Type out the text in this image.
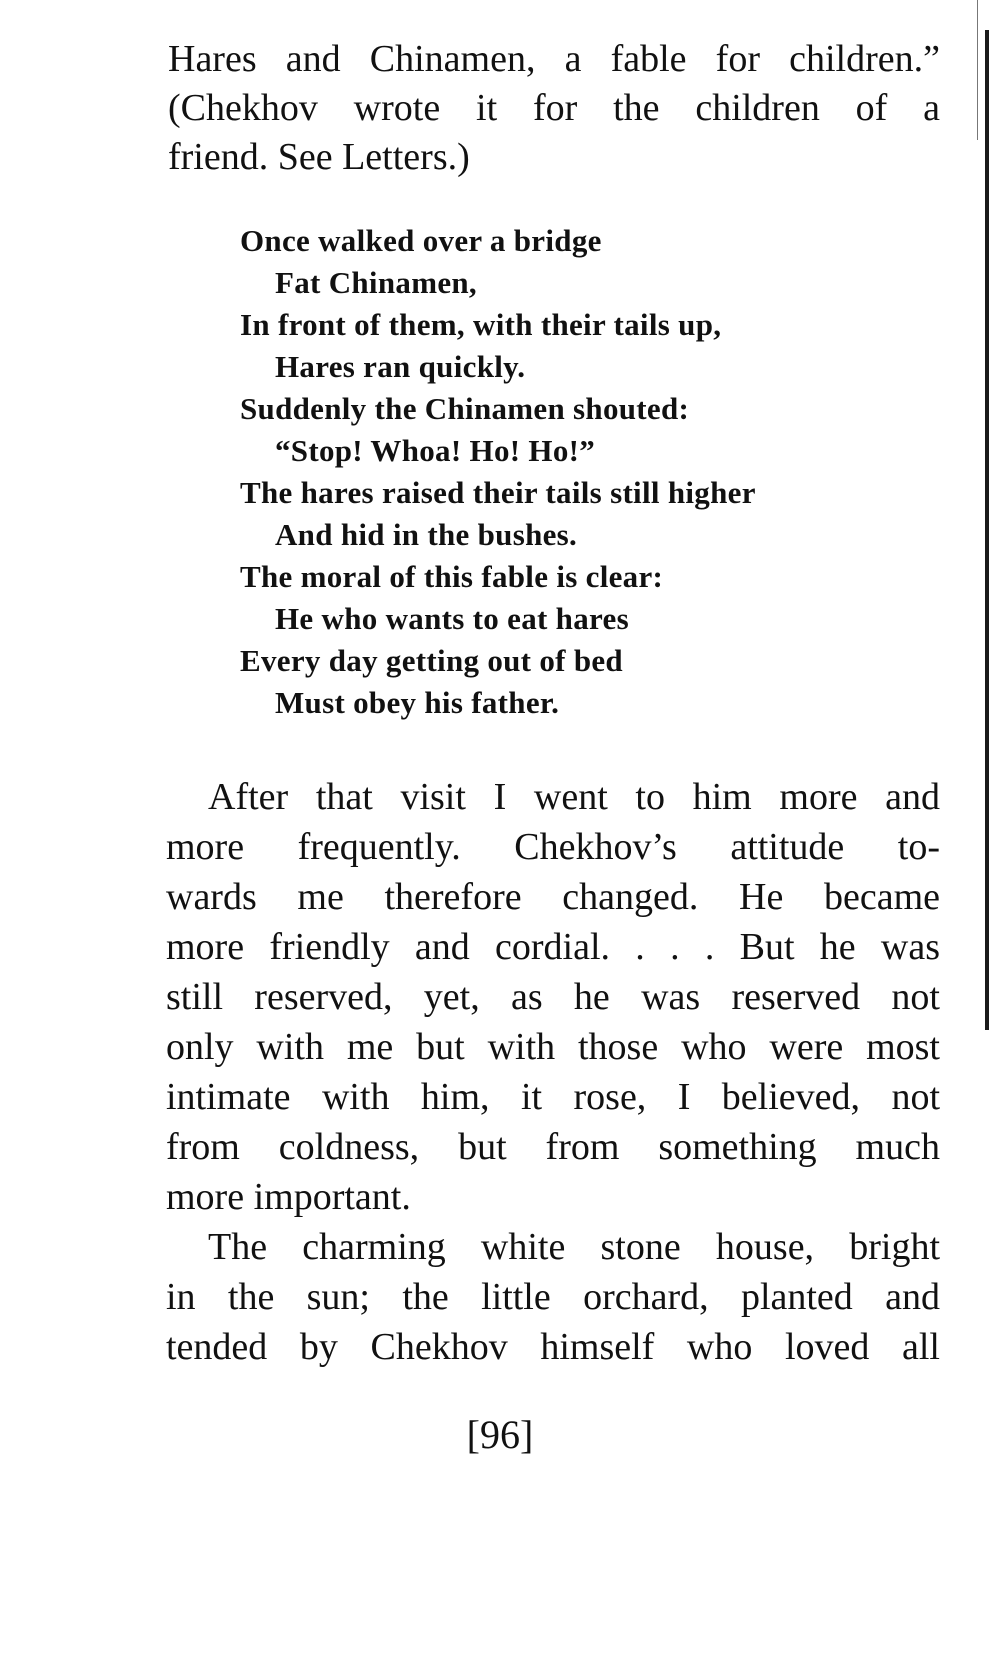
Hares and Chinamen, a fable for children.”

(Chekhov wrote it for the children of a

friend. See Letters.)

Once walked over a bridge

Fat Chinamen,

In front of them, with their tails up,

Hares ran quickly.

Suddenly the Chinamen shouted:

“Stop! Whoa! Ho! Ho!”

The hares raised their tails still higher

And hid in the bushes.

The moral of this fable is clear:

He who wants to eat hares

Every day getting out of bed

Must obey his father.

After that visit I went to him more and

more frequently. Chekhov’s attitude to-

wards me therefore changed. He became

more friendly and cordial. . . . But he was

still reserved, yet, as he was reserved not

only with me but with those who were most

intimate with him, it rose, I believed, not

from coldness, but from something much

more important.

The charming white stone house, bright

in the sun; the little orchard, planted and

tended by Chekhov himself who loved all

[96]
